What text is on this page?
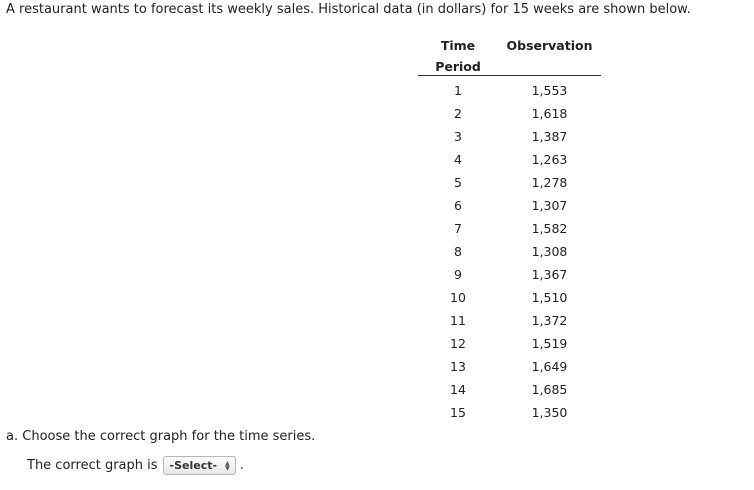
A restaurant wants to forecast its weekly sales. Historical data (in dollars) for 15 weeks are shown below.
Time
Period
Observation
1	1,553
2	1,618
3	1,387
4	1,263
5	1,278
6	1,307
7	1,582
8	1,308
9	1,367
10	1,510
11	1,372
12	1,519
13	1,649
14	1,685
15	1,350
a. Choose the correct graph for the time series.
The correct graph is -Select- ▲
▼ .
